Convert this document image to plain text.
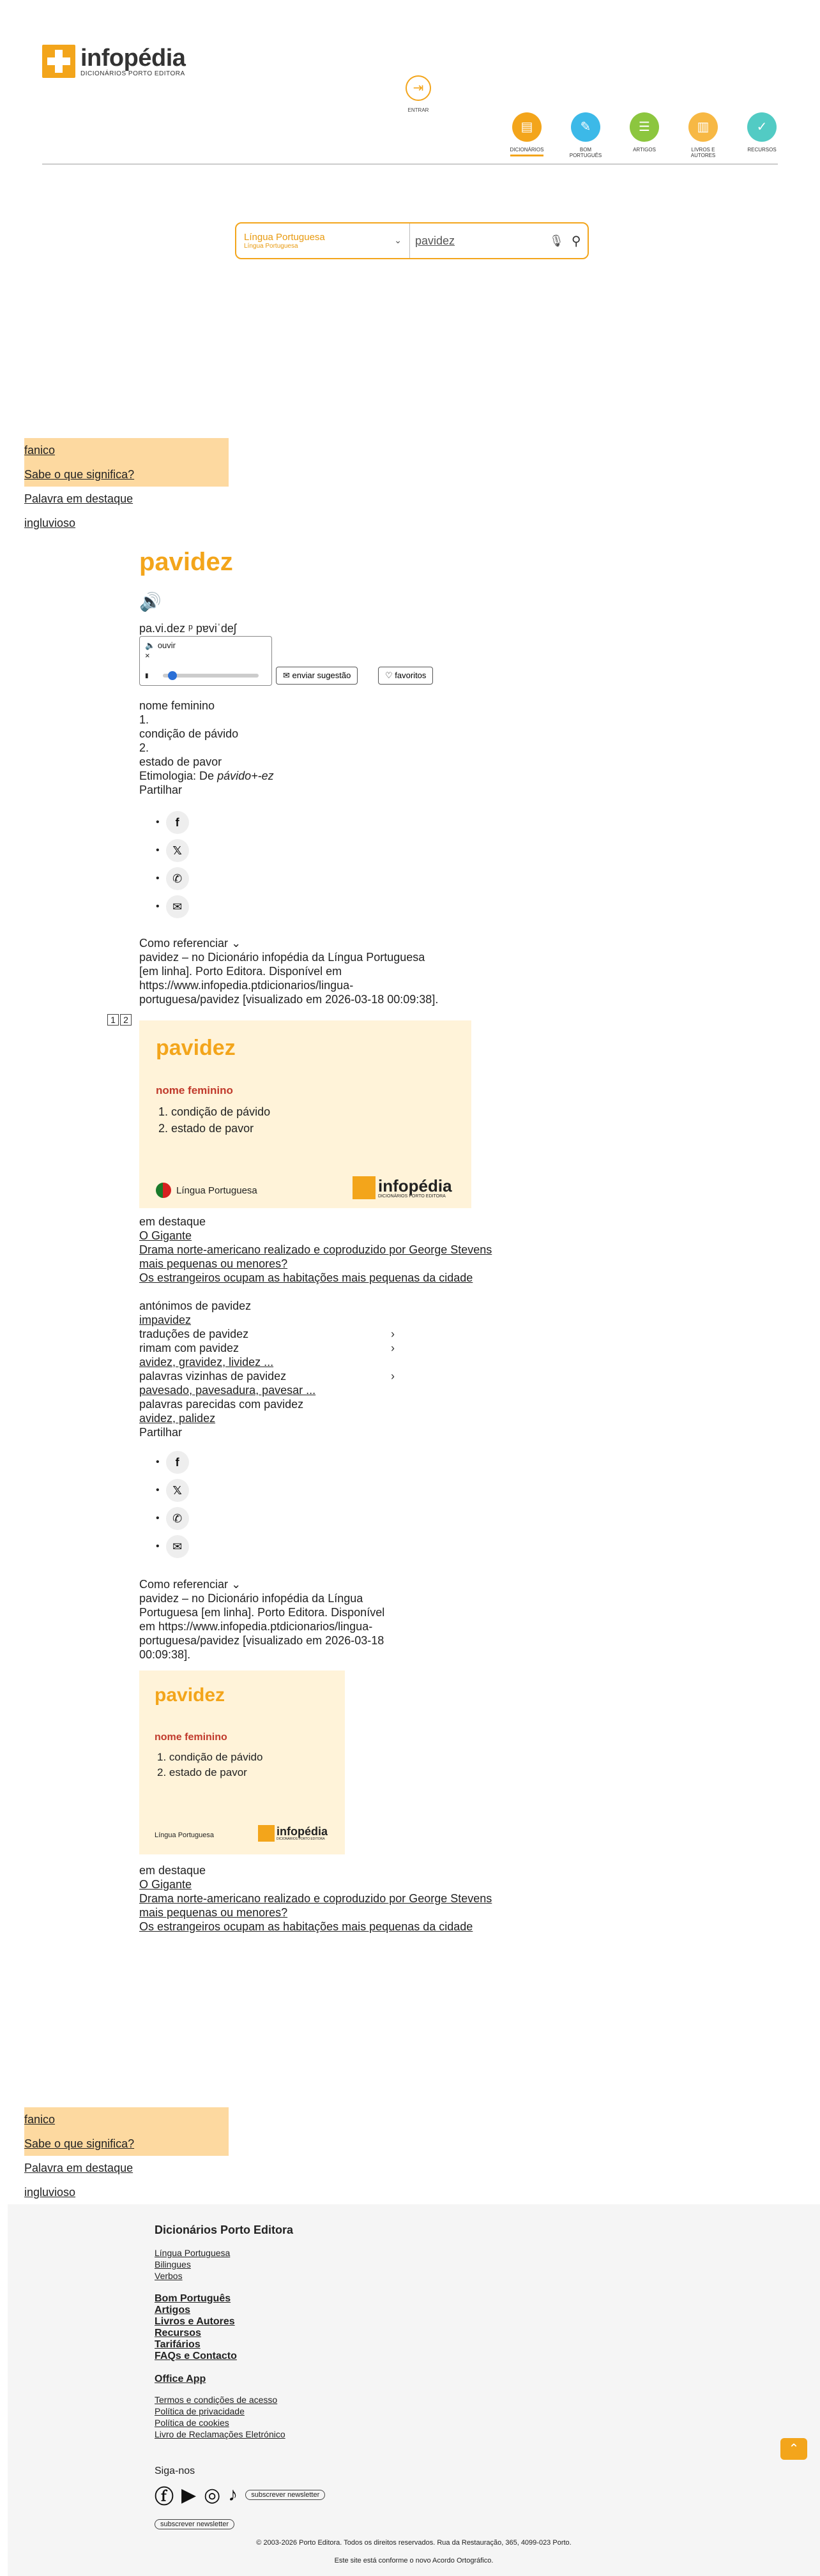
infopédia
DICIONÁRIOS PORTO EDITORA
⇥
ENTRAR
▤
DICIONÁRIOS
✎
BOM PORTUGUÊS
☰
ARTIGOS
▥
LIVROS E AUTORES
✓
RECURSOS
Língua Portuguesa
Língua Portuguesa
⌄
pavidez	🎙 ⚲
fanico
Sabe o que significa?
Palavra em destaque
ingluvioso
pavidez
🔊
pa.vi.dez ᵖ pɐviˈdeʃ
🔈 ouvir
×
▮	✉ enviar sugestão	♡ favoritos
nome feminino
1.
condição de pávido
2.
estado de pavor
Etimologia: De pávido+-ez
Partilhar
•	f
•	𝕏
•	✆
•	✉
Como referenciar ⌄
pavidez – no Dicionário infopédia da Língua Portuguesa [em linha]. Porto Editora. Disponível em https://www.infopedia.ptdicionarios/lingua-portuguesa/pavidez [visualizado em 2026-03-18 00:09:38].
1 2
pavidez
nome feminino
1. condição de pávido
2. estado de pavor
Língua Portuguesa	infopédia
DICIONÁRIOS PORTO EDITORA
em destaque
O Gigante
Drama norte-americano realizado e coproduzido por George Stevens
mais pequenas ou menores?
Os estrangeiros ocupam as habitações mais pequenas da cidade
antónimos de pavidez
impavidez
traduções de pavidez	›
rimam com pavidez	›
avidez, gravidez, lividez ...
palavras vizinhas de pavidez	›
pavesado, pavesadura, pavesar ...
palavras parecidas com pavidez
avidez, palidez
Partilhar
•	f
•	𝕏
•	✆
•	✉
Como referenciar ⌄
pavidez – no Dicionário infopédia da Língua Portuguesa [em linha]. Porto Editora. Disponível em https://www.infopedia.ptdicionarios/lingua-portuguesa/pavidez [visualizado em 2026-03-18 00:09:38].
pavidez
nome feminino
1. condição de pávido
2. estado de pavor
Língua Portuguesa	infopédia
DICIONÁRIOS PORTO EDITORA
em destaque
O Gigante
Drama norte-americano realizado e coproduzido por George Stevens
mais pequenas ou menores?
Os estrangeiros ocupam as habitações mais pequenas da cidade
fanico
Sabe o que significa?
Palavra em destaque
ingluvioso
Dicionários Porto Editora
Língua Portuguesa
Bilingues
Verbos
Bom Português
Artigos
Livros e Autores
Recursos
Tarifários
FAQs e Contacto
Office App
Termos e condições de acesso
Política de privacidade
Política de cookies
Livro de Reclamações Eletrónico
Siga-nos
ⓕ ▶ ◎ ♪	subscrever newsletter
subscrever newsletter
© 2003-2026 Porto Editora. Todos os direitos reservados. Rua da Restauração, 365, 4099-023 Porto.
Este site está conforme o novo Acordo Ortográfico.
⌃
